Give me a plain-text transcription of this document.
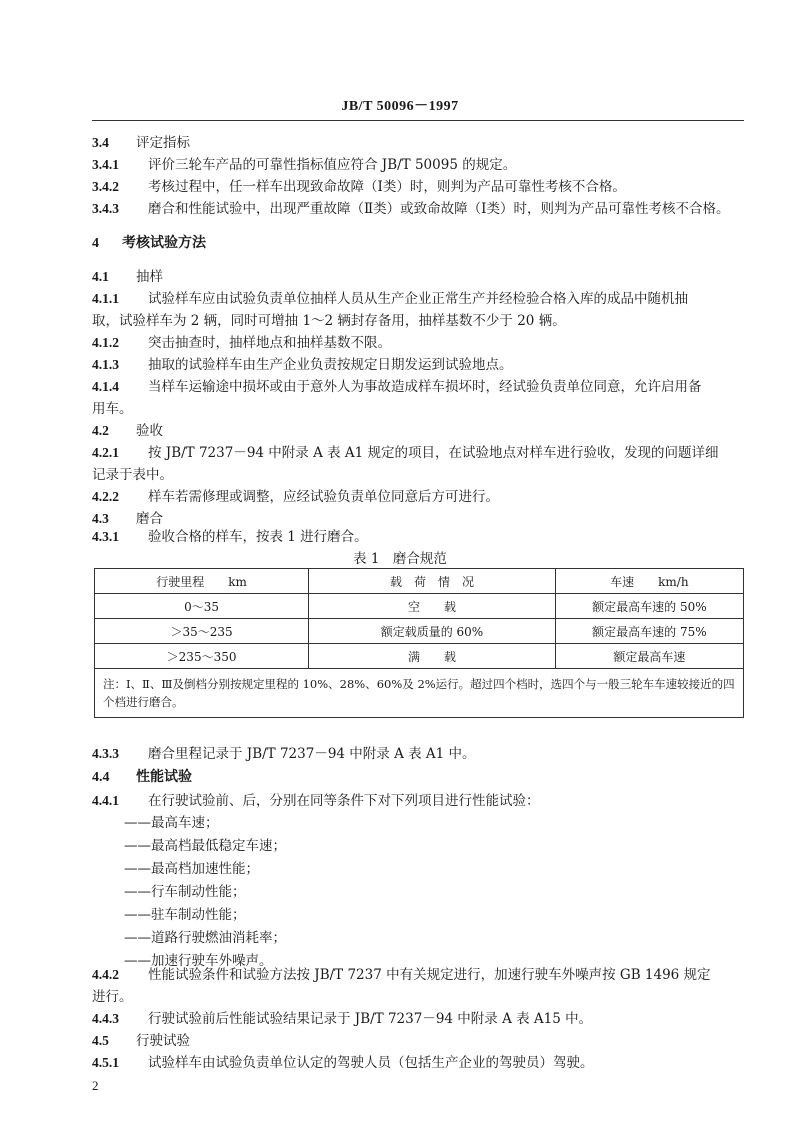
JB/T 50096－1997
3.4 评定指标
3.4.1 评价三轮车产品的可靠性指标值应符合 JB/T 50095 的规定。
3.4.2 考核过程中，任一样车出现致命故障（Ⅰ类）时，则判为产品可靠性考核不合格。
3.4.3 磨合和性能试验中，出现严重故障（Ⅱ类）或致命故障（Ⅰ类）时，则判为产品可靠性考核不合格。
4 考核试验方法
4.1 抽样
4.1.1 试验样车应由试验负责单位抽样人员从生产企业正常生产并经检验合格入库的成品中随机抽
取，试验样车为 2 辆，同时可增抽 1～2 辆封存备用，抽样基数不少于 20 辆。
4.1.2 突击抽查时，抽样地点和抽样基数不限。
4.1.3 抽取的试验样车由生产企业负责按规定日期发运到试验地点。
4.1.4 当样车运输途中损坏或由于意外人为事故造成样车损坏时，经试验负责单位同意，允许启用备
用车。
4.2 验收
4.2.1 按 JB/T 7237－94 中附录 A 表 A1 规定的项目，在试验地点对样车进行验收，发现的问题详细
记录于表中。
4.2.2 样车若需修理或调整，应经试验负责单位同意后方可进行。
4.3 磨合
4.3.1 验收合格的样车，按表 1 进行磨合。
表 1　磨合规范
行驶里程　　km	载　荷　情　况	车速　　km/h
0～35	空　　载	额定最高车速的 50%
＞35～235	额定载质量的 60%	额定最高车速的 75%
＞235～350	满　　载	额定最高车速
注：Ⅰ、Ⅱ、Ⅲ及倒档分别按规定里程的 10%、28%、60%及 2%运行。超过四个档时，选四个与一般三轮车车速较接近的四个档进行磨合。		
4.3.3 磨合里程记录于 JB/T 7237－94 中附录 A 表 A1 中。
4.4 性能试验
4.4.1 在行驶试验前、后，分别在同等条件下对下列项目进行性能试验：
——最高车速；
——最高档最低稳定车速；
——最高档加速性能；
——行车制动性能；
——驻车制动性能；
——道路行驶燃油消耗率；
——加速行驶车外噪声。
4.4.2 性能试验条件和试验方法按 JB/T 7237 中有关规定进行，加速行驶车外噪声按 GB 1496 规定
进行。
4.4.3 行驶试验前后性能试验结果记录于 JB/T 7237－94 中附录 A 表 A15 中。
4.5 行驶试验
4.5.1 试验样车由试验负责单位认定的驾驶人员（包括生产企业的驾驶员）驾驶。
2
